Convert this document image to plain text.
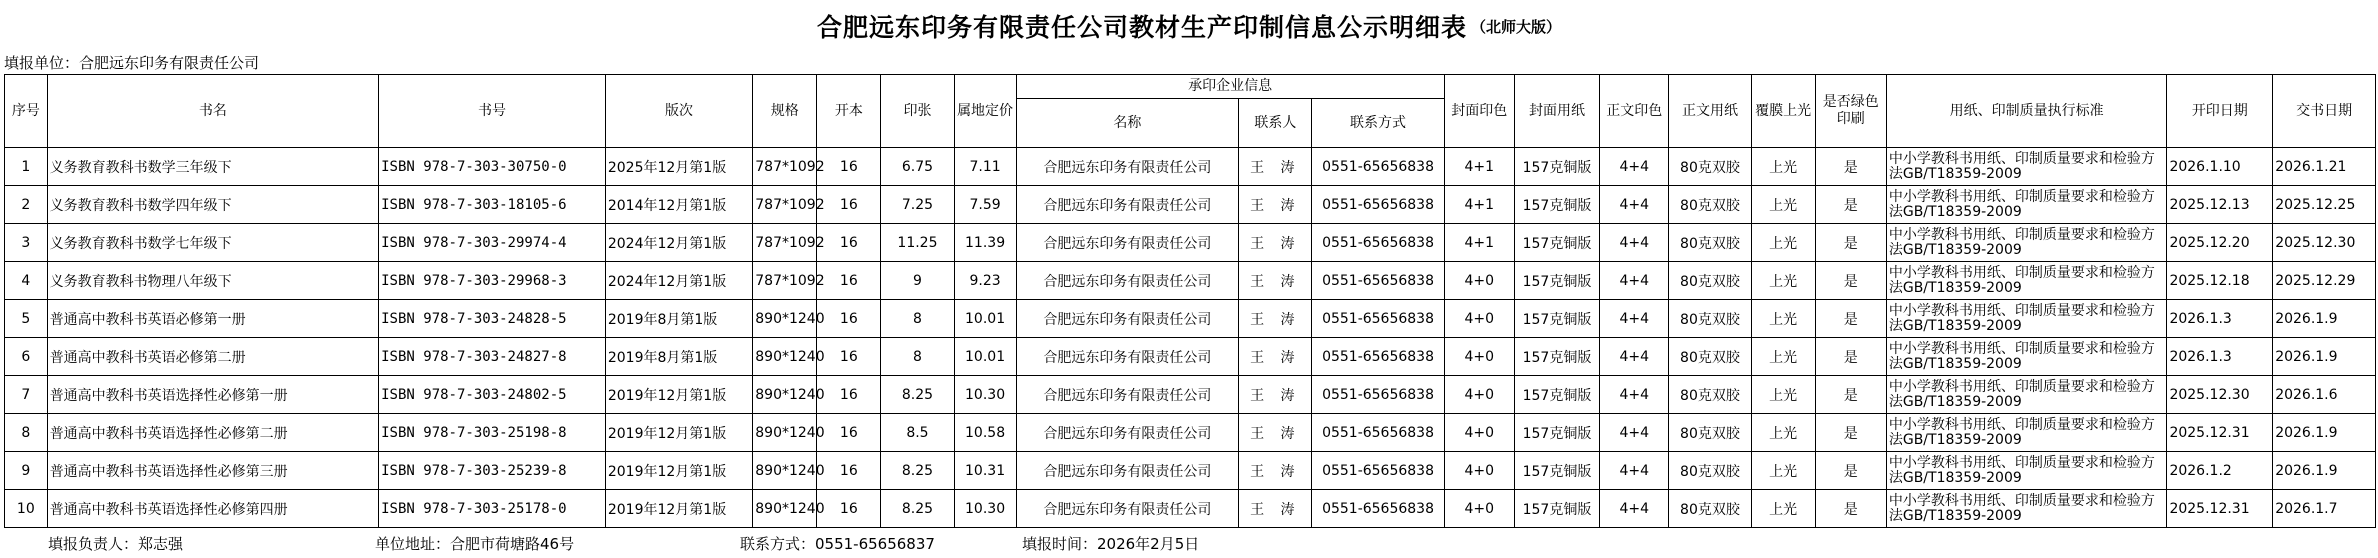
合肥远东印务有限责任公司教材生产印制信息公示明细表 （北师大版）
填报单位：合肥远东印务有限责任公司
序号	书名	书号	版次	规格	开本	印张	属地定价	承印企业信息			封面印色	封面用纸	正文印色	正文用纸	覆膜上光	是否绿色印刷	用纸、印制质量执行标准	开印日期	交书日期
								名称	联系人	联系方式									
1	义务教育教科书数学三年级下	ISBN 978-7-303-30750-0	2025年12月第1版	787*1092	16	6.75	7.11	合肥远东印务有限责任公司	王 涛	0551-65656838	4+1	157克铜版	4+4	80克双胶	上光	是	中小学教科书用纸、印制质量要求和检验方法GB/T18359-2009	2026.1.10	2026.1.21
2	义务教育教科书数学四年级下	ISBN 978-7-303-18105-6	2014年12月第1版	787*1092	16	7.25	7.59	合肥远东印务有限责任公司	王 涛	0551-65656838	4+1	157克铜版	4+4	80克双胶	上光	是	中小学教科书用纸、印制质量要求和检验方法GB/T18359-2009	2025.12.13	2025.12.25
3	义务教育教科书数学七年级下	ISBN 978-7-303-29974-4	2024年12月第1版	787*1092	16	11.25	11.39	合肥远东印务有限责任公司	王 涛	0551-65656838	4+1	157克铜版	4+4	80克双胶	上光	是	中小学教科书用纸、印制质量要求和检验方法GB/T18359-2009	2025.12.20	2025.12.30
4	义务教育教科书物理八年级下	ISBN 978-7-303-29968-3	2024年12月第1版	787*1092	16	9	9.23	合肥远东印务有限责任公司	王 涛	0551-65656838	4+0	157克铜版	4+4	80克双胶	上光	是	中小学教科书用纸、印制质量要求和检验方法GB/T18359-2009	2025.12.18	2025.12.29
5	普通高中教科书英语必修第一册	ISBN 978-7-303-24828-5	2019年8月第1版	890*1240	16	8	10.01	合肥远东印务有限责任公司	王 涛	0551-65656838	4+0	157克铜版	4+4	80克双胶	上光	是	中小学教科书用纸、印制质量要求和检验方法GB/T18359-2009	2026.1.3	2026.1.9
6	普通高中教科书英语必修第二册	ISBN 978-7-303-24827-8	2019年8月第1版	890*1240	16	8	10.01	合肥远东印务有限责任公司	王 涛	0551-65656838	4+0	157克铜版	4+4	80克双胶	上光	是	中小学教科书用纸、印制质量要求和检验方法GB/T18359-2009	2026.1.3	2026.1.9
7	普通高中教科书英语选择性必修第一册	ISBN 978-7-303-24802-5	2019年12月第1版	890*1240	16	8.25	10.30	合肥远东印务有限责任公司	王 涛	0551-65656838	4+0	157克铜版	4+4	80克双胶	上光	是	中小学教科书用纸、印制质量要求和检验方法GB/T18359-2009	2025.12.30	2026.1.6
8	普通高中教科书英语选择性必修第二册	ISBN 978-7-303-25198-8	2019年12月第1版	890*1240	16	8.5	10.58	合肥远东印务有限责任公司	王 涛	0551-65656838	4+0	157克铜版	4+4	80克双胶	上光	是	中小学教科书用纸、印制质量要求和检验方法GB/T18359-2009	2025.12.31	2026.1.9
9	普通高中教科书英语选择性必修第三册	ISBN 978-7-303-25239-8	2019年12月第1版	890*1240	16	8.25	10.31	合肥远东印务有限责任公司	王 涛	0551-65656838	4+0	157克铜版	4+4	80克双胶	上光	是	中小学教科书用纸、印制质量要求和检验方法GB/T18359-2009	2026.1.2	2026.1.9
10	普通高中教科书英语选择性必修第四册	ISBN 978-7-303-25178-0	2019年12月第1版	890*1240	16	8.25	10.30	合肥远东印务有限责任公司	王 涛	0551-65656838	4+0	157克铜版	4+4	80克双胶	上光	是	中小学教科书用纸、印制质量要求和检验方法GB/T18359-2009	2025.12.31	2026.1.7
填报负责人：郑志强	单位地址：合肥市荷塘路46号	联系方式：0551-65656837	填报时间：2026年2月5日
